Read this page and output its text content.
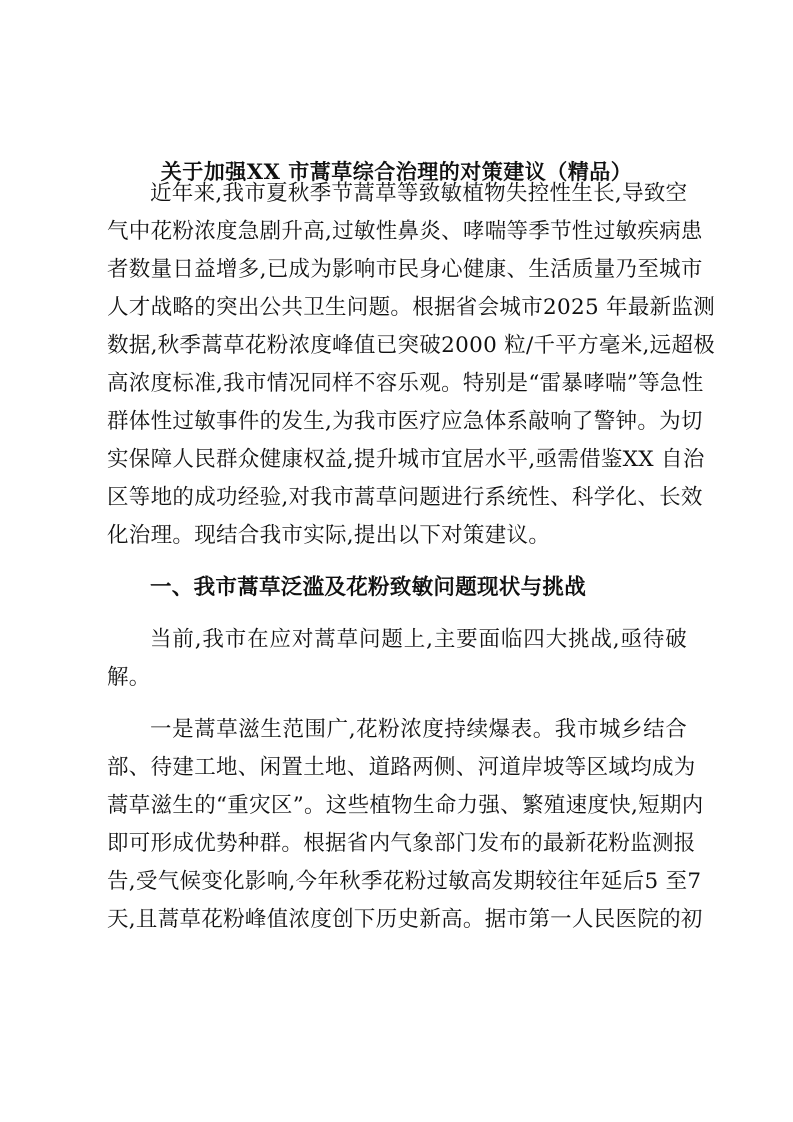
关于加强XX 市蒿草综合治理的对策建议（精品）
近年来,我市夏秋季节蒿草等致敏植物失控性生长,导致空
气中花粉浓度急剧升高,过敏性鼻炎、哮喘等季节性过敏疾病患
者数量日益增多,已成为影响市民身心健康、生活质量乃至城市
人才战略的突出公共卫生问题。根据省会城市2025 年最新监测
数据,秋季蒿草花粉浓度峰值已突破2000 粒/千平方毫米,远超极
高浓度标准,我市情况同样不容乐观。特别是“雷暴哮喘”等急性
群体性过敏事件的发生,为我市医疗应急体系敲响了警钟。为切
实保障人民群众健康权益,提升城市宜居水平,亟需借鉴XX 自治
区等地的成功经验,对我市蒿草问题进行系统性、科学化、长效
化治理。现结合我市实际,提出以下对策建议。
一、我市蒿草泛滥及花粉致敏问题现状与挑战
当前,我市在应对蒿草问题上,主要面临四大挑战,亟待破
解。
一是蒿草滋生范围广,花粉浓度持续爆表。我市城乡结合
部、待建工地、闲置土地、道路两侧、河道岸坡等区域均成为
蒿草滋生的“重灾区”。这些植物生命力强、繁殖速度快,短期内
即可形成优势种群。根据省内气象部门发布的最新花粉监测报
告,受气候变化影响,今年秋季花粉过敏高发期较往年延后5 至7
天,且蒿草花粉峰值浓度创下历史新高。据市第一人民医院的初
